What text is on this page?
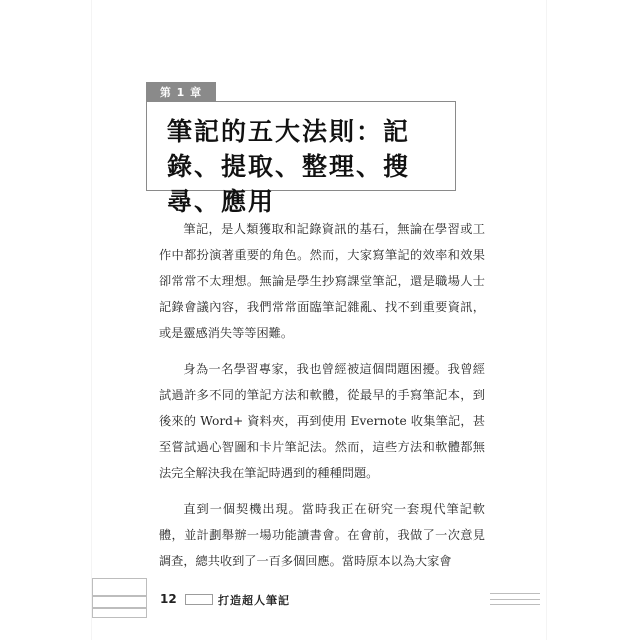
第 1 章
筆記的五大法則：記錄、提取、整理、搜尋、應用

筆記，是人類獲取和記錄資訊的基石，無論在學習或工作中都扮演著重要的角色。然而，大家寫筆記的效率和效果卻常常不太理想。無論是學生抄寫課堂筆記，還是職場人士記錄會議內容，我們常常面臨筆記雜亂、找不到重要資訊，或是靈感消失等等困難。

身為一名學習專家，我也曾經被這個問題困擾。我曾經試過許多不同的筆記方法和軟體，從最早的手寫筆記本，到後來的 Word+ 資料夾，再到使用 Evernote 收集筆記，甚至嘗試過心智圖和卡片筆記法。然而，這些方法和軟體都無法完全解決我在筆記時遇到的種種問題。

直到一個契機出現。當時我正在研究一套現代筆記軟體，並計劃舉辦一場功能讀書會。在會前，我做了一次意見調查，總共收到了一百多個回應。當時原本以為大家會

12	打造超人筆記
